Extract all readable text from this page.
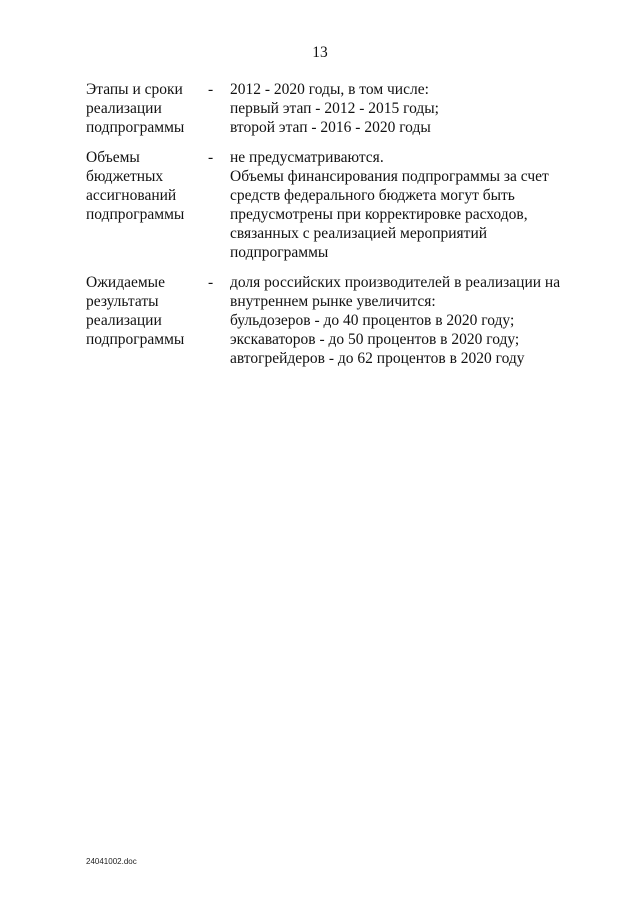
13
Этапы и сроки
реализации
подпрограммы
- 2012 - 2020 годы, в том числе:
первый этап - 2012 - 2015 годы;
второй этап - 2016 - 2020 годы
Объемы
бюджетных
ассигнований
подпрограммы
- не предусматриваются.
Объемы финансирования подпрограммы за счет
средств федерального бюджета могут быть
предусмотрены при корректировке расходов,
связанных с реализацией мероприятий
подпрограммы
Ожидаемые
результаты
реализации
подпрограммы
- доля российских производителей в реализации на
внутреннем рынке увеличится:
бульдозеров - до 40 процентов в 2020 году;
экскаваторов - до 50 процентов в 2020 году;
автогрейдеров - до 62 процентов в 2020 году
24041002.doc
